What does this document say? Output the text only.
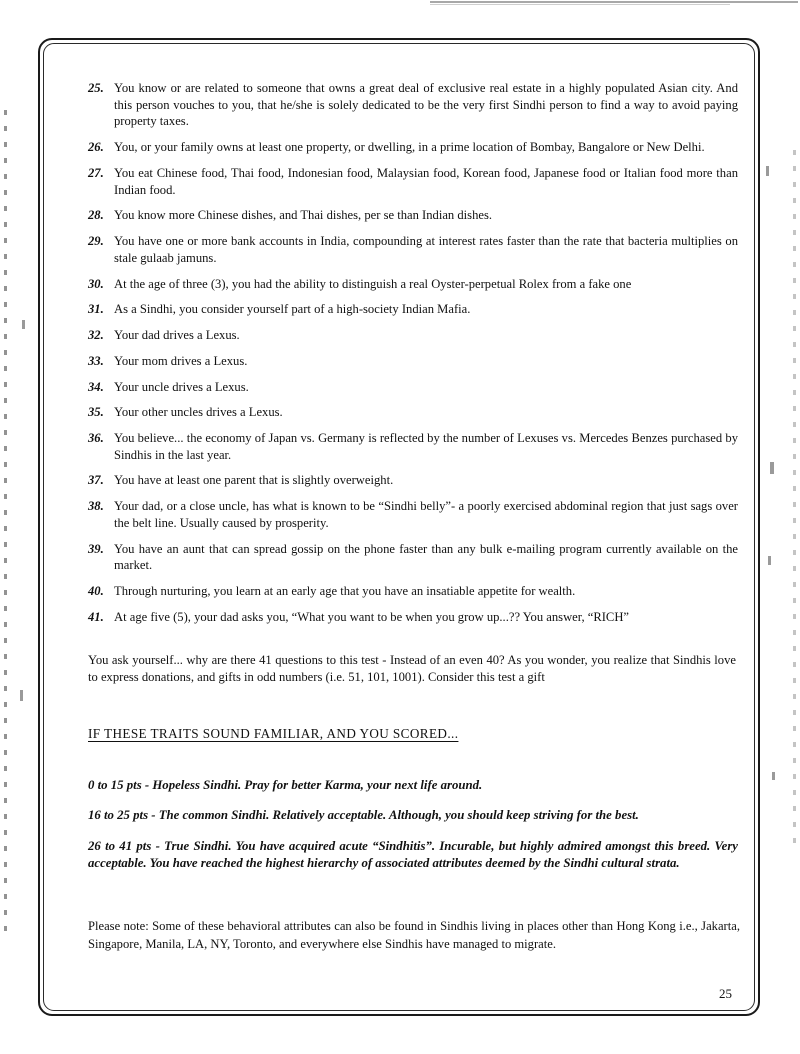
25. You know or are related to someone that owns a great deal of exclusive real estate in a highly populated Asian city. And this person vouches to you, that he/she is solely dedicated to be the very first Sindhi person to find a way to avoid paying property taxes.
26. You, or your family owns at least one property, or dwelling, in a prime location of Bombay, Bangalore or New Delhi.
27. You eat Chinese food, Thai food, Indonesian food, Malaysian food, Korean food, Japanese food or Italian food more than Indian food.
28. You know more Chinese dishes, and Thai dishes, per se than Indian dishes.
29. You have one or more bank accounts in India, compounding at interest rates faster than the rate that bacteria multiplies on stale gulaab jamuns.
30. At the age of three (3), you had the ability to distinguish a real Oyster-perpetual Rolex from a fake one
31. As a Sindhi, you consider yourself part of a high-society Indian Mafia.
32. Your dad drives a Lexus.
33. Your mom drives a Lexus.
34. Your uncle drives a Lexus.
35. Your other uncles drives a Lexus.
36. You believe... the economy of Japan vs. Germany is reflected by the number of Lexuses vs. Mercedes Benzes purchased by Sindhis in the last year.
37. You have at least one parent that is slightly overweight.
38. Your dad, or a close uncle, has what is known to be “Sindhi belly”- a poorly exercised abdominal region that just sags over the belt line. Usually caused by prosperity.
39. You have an aunt that can spread gossip on the phone faster than any bulk e-mailing program currently available on the market.
40. Through nurturing, you learn at an early age that you have an insatiable appetite for wealth.
41. At age five (5), your dad asks you, “What you want to be when you grow up...?? You answer, “RICH”

You ask yourself... why are there 41 questions to this test - Instead of an even 40? As you wonder, you realize that Sindhis love to express donations, and gifts in odd numbers (i.e. 51, 101, 1001). Consider this test a gift

IF THESE TRAITS SOUND FAMILIAR, AND YOU SCORED...
0 to 15 pts - Hopeless Sindhi. Pray for better Karma, your next life around.
16 to 25 pts - The common Sindhi. Relatively acceptable. Although, you should keep striving for the best.
26 to 41 pts - True Sindhi. You have acquired acute “Sindhitis”. Incurable, but highly admired amongst this breed. Very acceptable. You have reached the highest hierarchy of associated attributes deemed by the Sindhi cultural strata.

Please note: Some of these behavioral attributes can also be found in Sindhis living in places other than Hong Kong i.e., Jakarta, Singapore, Manila, LA, NY, Toronto, and everywhere else Sindhis have managed to migrate.

25
